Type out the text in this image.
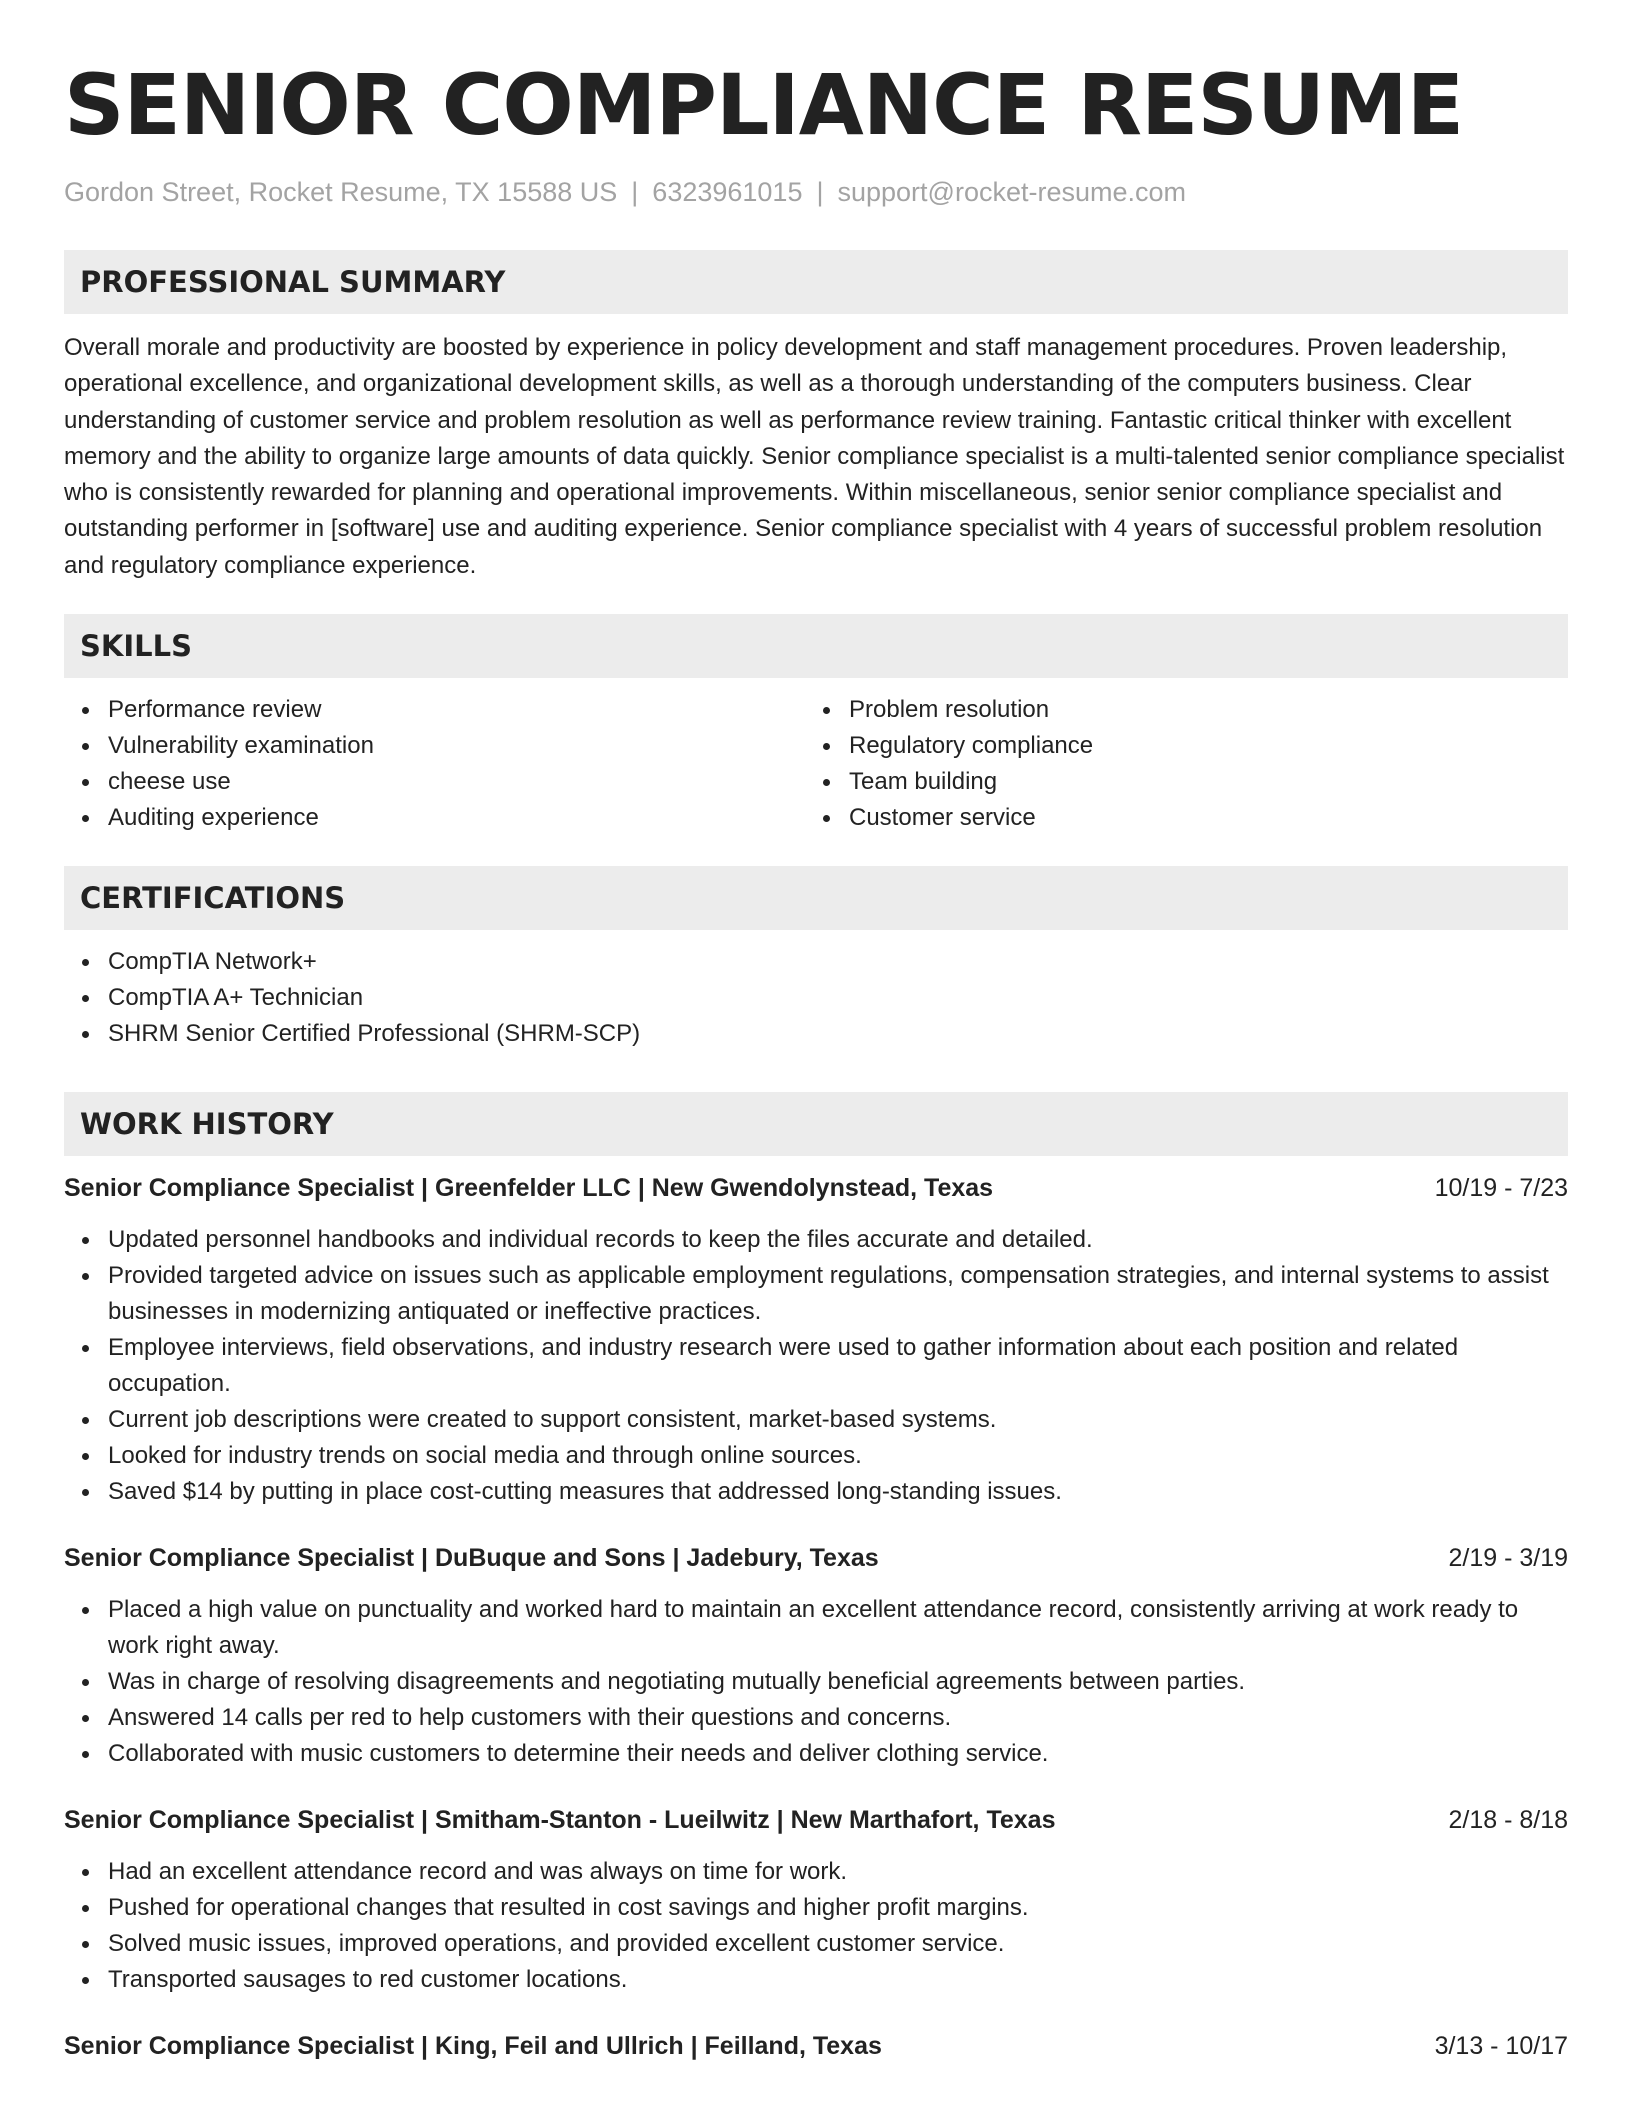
SENIOR COMPLIANCE RESUME
Gordon Street, Rocket Resume, TX 15588 US | 6323961015 | support@rocket-resume.com
PROFESSIONAL SUMMARY

Overall morale and productivity are boosted by experience in policy development and staff management procedures. Proven leadership, operational excellence, and organizational development skills, as well as a thorough understanding of the computers business. Clear understanding of customer service and problem resolution as well as performance review training. Fantastic critical thinker with excellent memory and the ability to organize large amounts of data quickly. Senior compliance specialist is a multi-talented senior compliance specialist who is consistently rewarded for planning and operational improvements. Within miscellaneous, senior senior compliance specialist and outstanding performer in [software] use and auditing experience. Senior compliance specialist with 4 years of successful problem resolution and regulatory compliance experience.

SKILLS
Performance review
Vulnerability examination
cheese use
Auditing experience
Problem resolution
Regulatory compliance
Team building
Customer service
CERTIFICATIONS
CompTIA Network+
CompTIA A+ Technician
SHRM Senior Certified Professional (SHRM-SCP)
WORK HISTORY
Senior Compliance Specialist | Greenfelder LLC | New Gwendolynstead, Texas	10/19 - 7/23
Updated personnel handbooks and individual records to keep the files accurate and detailed.
Provided targeted advice on issues such as applicable employment regulations, compensation strategies, and internal systems to assist businesses in modernizing antiquated or ineffective practices.
Employee interviews, field observations, and industry research were used to gather information about each position and related occupation.
Current job descriptions were created to support consistent, market-based systems.
Looked for industry trends on social media and through online sources.
Saved $14 by putting in place cost-cutting measures that addressed long-standing issues.
Senior Compliance Specialist | DuBuque and Sons | Jadebury, Texas	2/19 - 3/19
Placed a high value on punctuality and worked hard to maintain an excellent attendance record, consistently arriving at work ready to work right away.
Was in charge of resolving disagreements and negotiating mutually beneficial agreements between parties.
Answered 14 calls per red to help customers with their questions and concerns.
Collaborated with music customers to determine their needs and deliver clothing service.
Senior Compliance Specialist | Smitham-Stanton - Lueilwitz | New Marthafort, Texas	2/18 - 8/18
Had an excellent attendance record and was always on time for work.
Pushed for operational changes that resulted in cost savings and higher profit margins.
Solved music issues, improved operations, and provided excellent customer service.
Transported sausages to red customer locations.
Senior Compliance Specialist | King, Feil and Ullrich | Feilland, Texas	3/13 - 10/17
